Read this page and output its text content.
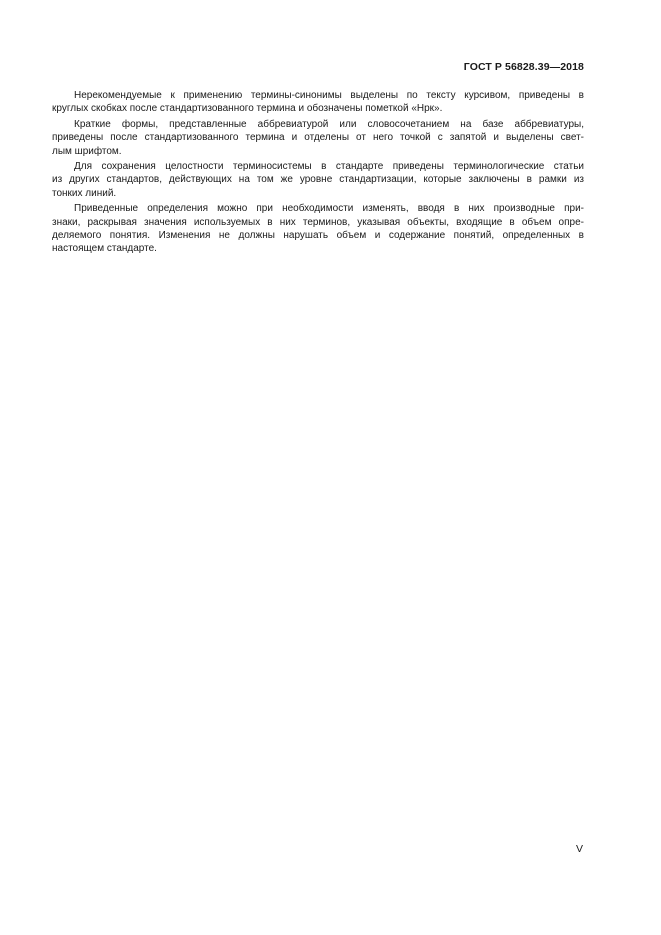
ГОСТ Р 56828.39—2018

Нерекомендуемые к применению термины-синонимы выделены по тексту курсивом, приведены в
круглых скобках после стандартизованного термина и обозначены пометкой «Нрк».

Краткие формы, представленные аббревиатурой или словосочетанием на базе аббревиатуры,
приведены после стандартизованного термина и отделены от него точкой с запятой и выделены свет-
лым шрифтом.

Для сохранения целостности терминосистемы в стандарте приведены терминологические статьи
из других стандартов, действующих на том же уровне стандартизации, которые заключены в рамки из
тонких линий.

Приведенные определения можно при необходимости изменять, вводя в них производные при-
знаки, раскрывая значения используемых в них терминов, указывая объекты, входящие в объем опре-
деляемого понятия. Изменения не должны нарушать объем и содержание понятий, определенных в
настоящем стандарте.

V
